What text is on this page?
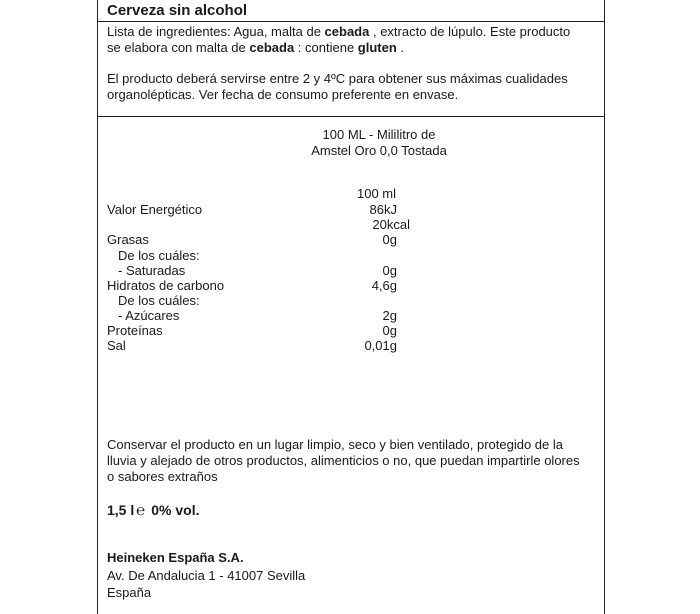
Cerveza sin alcohol
Lista de ingredientes: Agua, malta de cebada , extracto de lúpulo. Este producto
se elabora con malta de cebada : contiene gluten .
El producto deberá servirse entre 2 y 4ºC para obtener sus máximas cualidades
organolépticas. Ver fecha de consumo preferente en envase.
100 ML - Mililitro de
Amstel Oro 0,0 Tostada
100 ml
Valor Energético	86kJ
20kcal
Grasas	0g
De los cuáles:
- Saturadas	0g
Hidratos de carbono	4,6g
De los cuáles:
- Azúcares	2g
Proteínas	0g
Sal	0,01g
Conservar el producto en un lugar limpio, seco y bien ventilado, protegido de la
lluvia y alejado de otros productos, alimenticios o no, que puedan impartirle olores
o sabores extraños
1,5 l ℮ 0% vol.
Heineken España S.A.
Av. De Andalucia 1 - 41007 Sevilla
España
